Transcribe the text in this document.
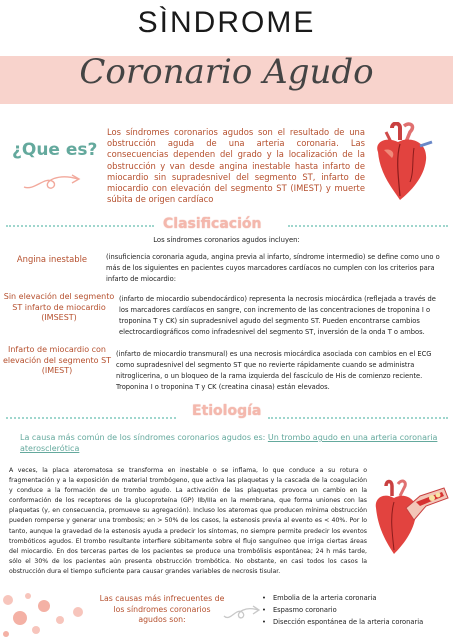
SÌNDROME
Coronario Agudo
¿Que es?
Los síndromes coronarios agudos son el resultado de una obstrucción aguda de una arteria coronaria. Las consecuencias dependen del grado y la localización de la obstrucción y van desde angina inestable hasta infarto de miocardio sin supradesnivel del segmento ST, infarto de miocardio con elevación del segmento ST (IMEST) y muerte súbita de origen cardíaco
Clasificación
Los síndromes coronarios agudos incluyen:
Angina inestable	(insuficiencia coronaria aguda, angina previa al infarto, síndrome intermedio) se define como uno o más de los siguientes en pacientes cuyos marcadores cardíacos no cumplen con los criterios para infarto de miocardio:
Sin elevación del segmento ST infarto de miocardio (IMSEST)
(infarto de miocardio subendocárdico) representa la necrosis miocárdica (reflejada a través de los marcadores cardíacos en sangre, con incremento de las concentraciones de troponina I o troponina T y CK) sin supradesnivel agudo del segmento ST. Pueden encontrarse cambios electrocardiográficos como infradesnivel del segmento ST, inversión de la onda T o ambos.
Infarto de miocardio con elevación del segmento ST (IMEST)
(infarto de miocardio transmural) es una necrosis miocárdica asociada con cambios en el ECG como supradesnivel del segmento ST que no revierte rápidamente cuando se administra nitroglicerina, o un bloqueo de la rama izquierda del fascículo de His de comienzo reciente. Troponina I o troponina T y CK (creatina cinasa) están elevados.
Etiología
La causa más común de los síndromes coronarios agudos es: Un trombo agudo en una arteria coronaria aterosclerótica
A veces, la placa ateromatosa se transforma en inestable o se inflama, lo que conduce a su rotura o fragmentación y a la exposición de material trombógeno, que activa las plaquetas y la cascada de la coagulación y conduce a la formación de un trombo agudo. La activación de las plaquetas provoca un cambio en la conformación de los receptores de la glucoproteína (GP) IIb/IIIa en la membrana, que forma uniones con las plaquetas (y, en consecuencia, promueve su agregación). Incluso los ateromas que producen mínima obstrucción pueden romperse y generar una trombosis; en > 50% de los casos, la estenosis previa al evento es < 40%. Por lo tanto, aunque la gravedad de la estenosis ayuda a predecir los síntomas, no siempre permite predecir los eventos trombóticos agudos. El trombo resultante interfiere súbitamente sobre el flujo sanguíneo que irriga ciertas áreas del miocardio. En dos terceras partes de los pacientes se produce una trombólisis espontánea; 24 h más tarde, sólo el 30% de los pacientes aún presenta obstrucción trombótica. No obstante, en casi todos los casos la obstrucción dura el tiempo suficiente para causar grandes variables de necrosis tisular.
Las causas más infrecuentes de los síndromes coronarios agudos son:
• Embolia de la arteria coronaria
• Espasmo coronario
• Disección espontánea de la arteria coronaria
